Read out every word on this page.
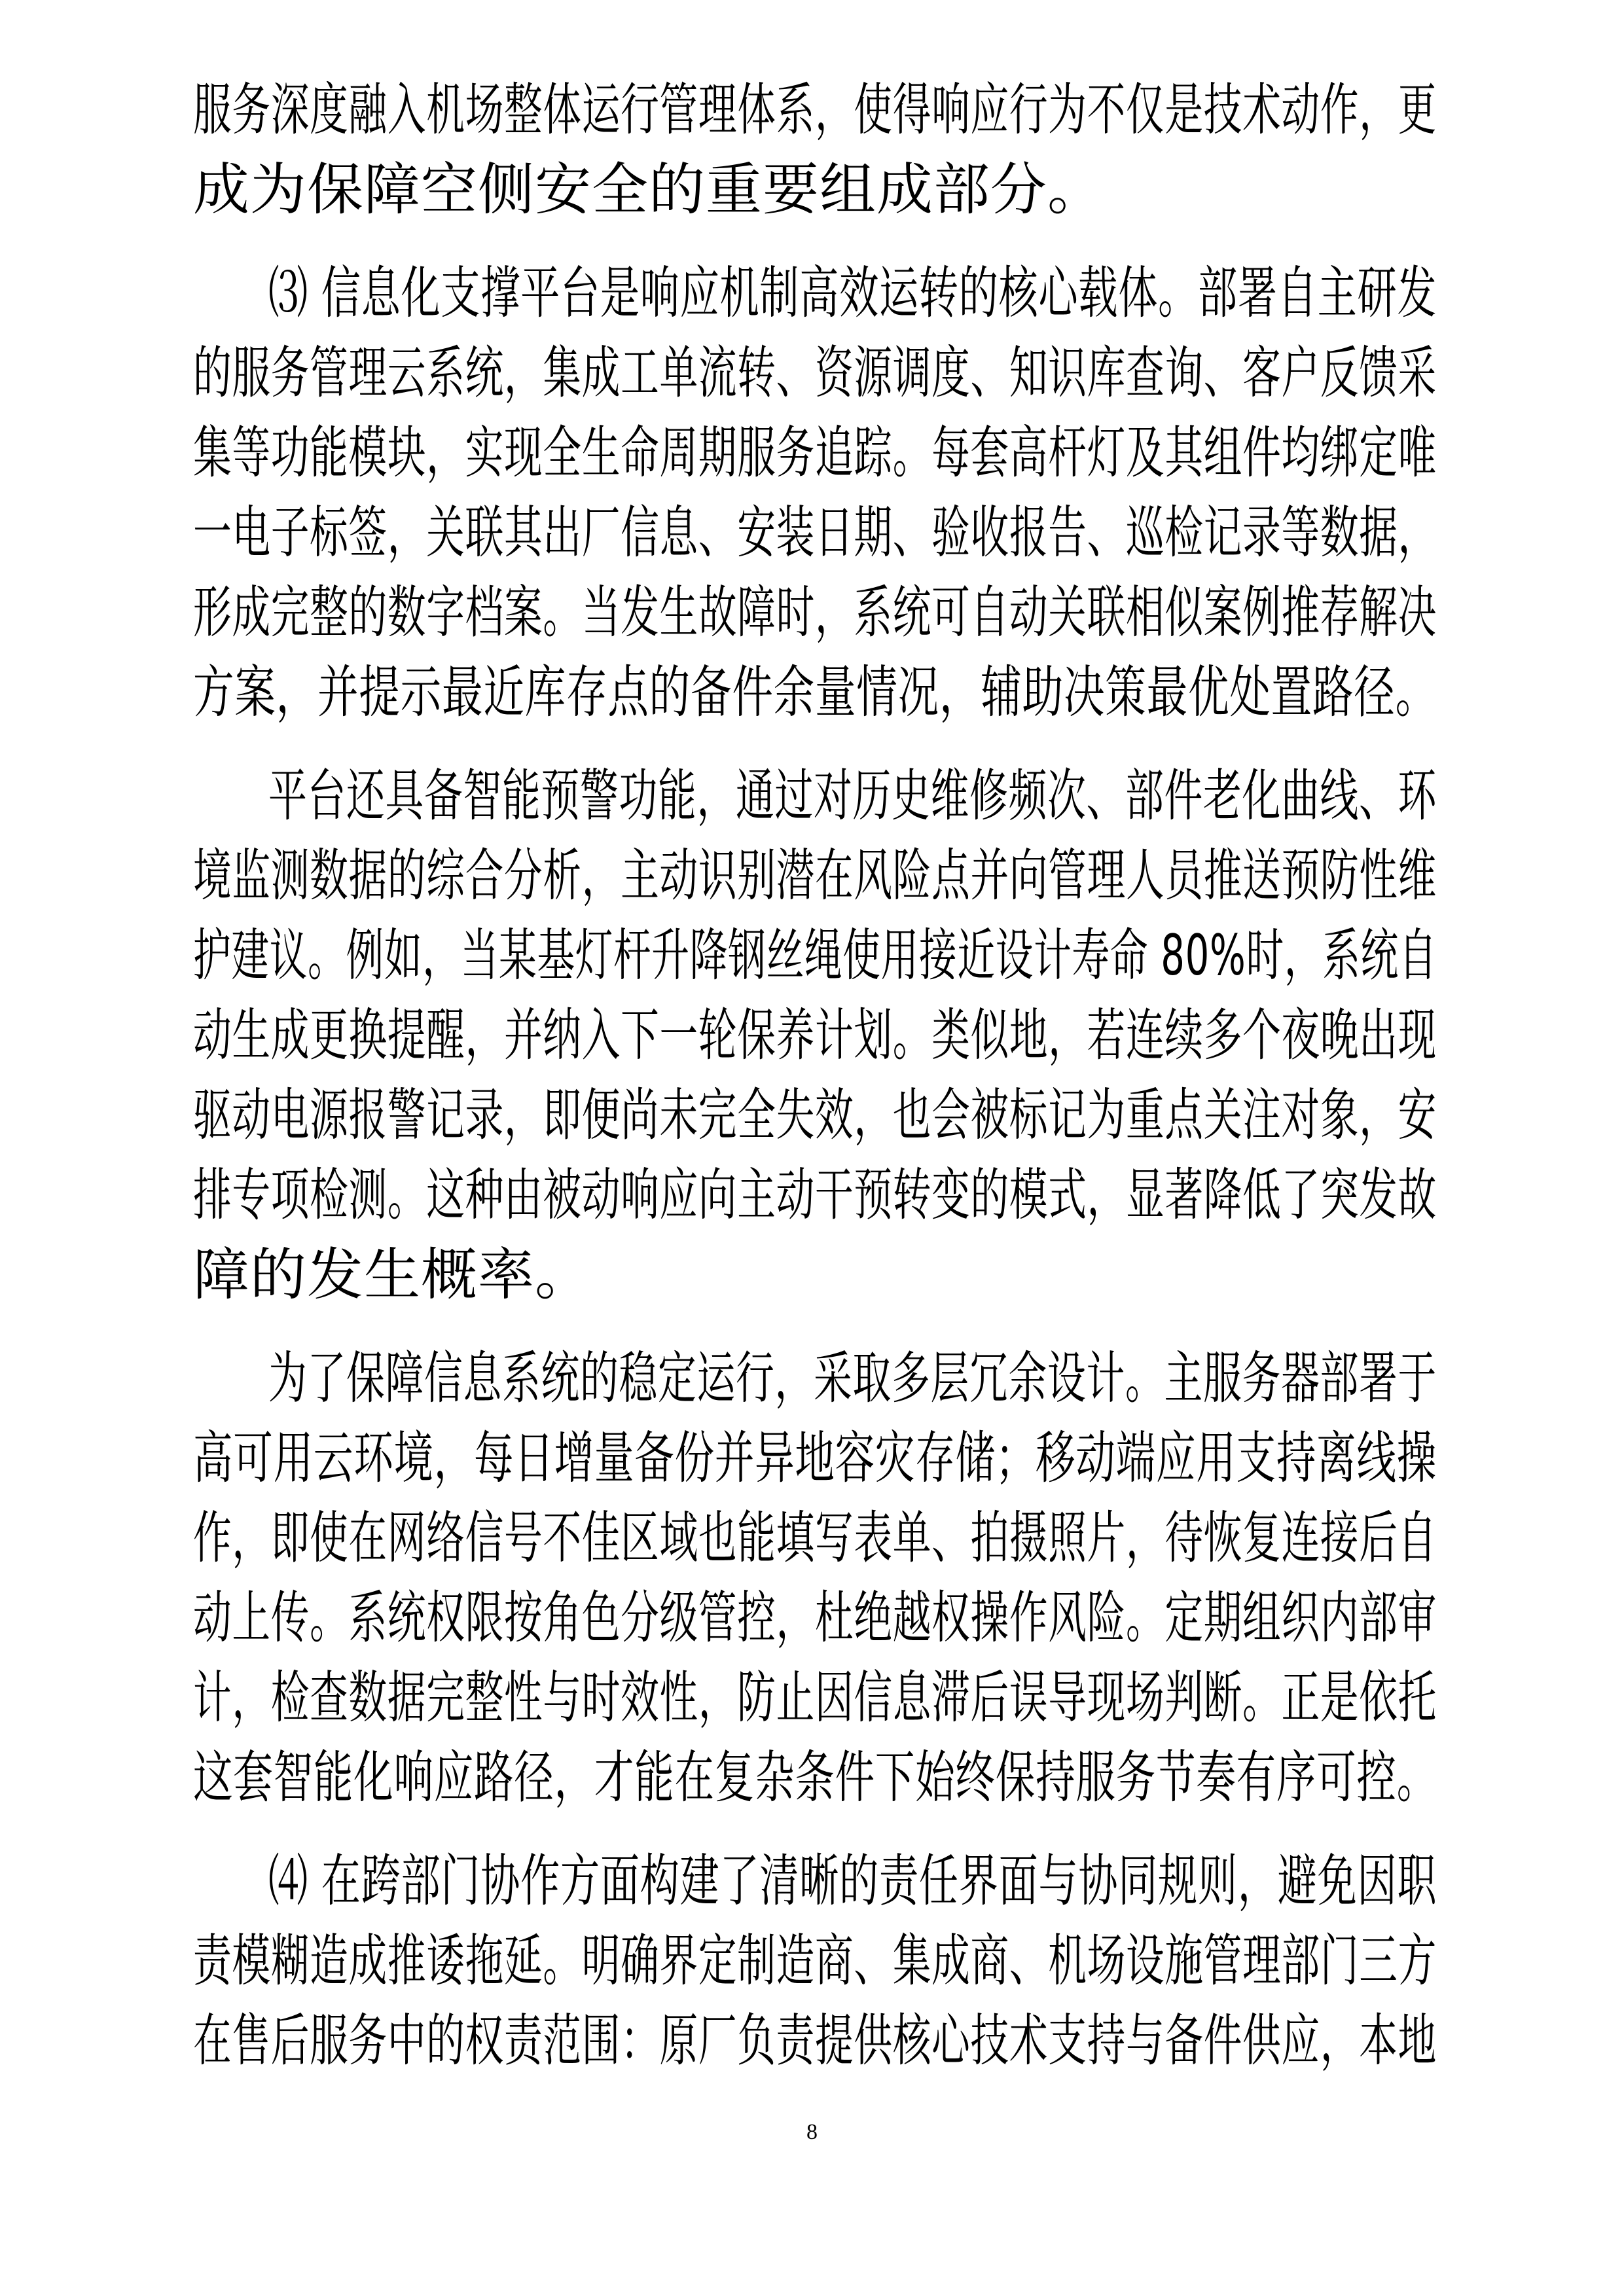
服务深度融入机场整体运行管理体系，使得响应行为不仅是技术动作，更
成为保障空侧安全的重要组成部分。
⑶ 信息化支撑平台是响应机制高效运转的核心载体。部署自主研发
的服务管理云系统，集成工单流转、资源调度、知识库查询、客户反馈采
集等功能模块，实现全生命周期服务追踪。每套高杆灯及其组件均绑定唯
一电子标签，关联其出厂信息、安装日期、验收报告、巡检记录等数据，
形成完整的数字档案。当发生故障时，系统可自动关联相似案例推荐解决
方案，并提示最近库存点的备件余量情况，辅助决策最优处置路径。
平台还具备智能预警功能，通过对历史维修频次、部件老化曲线、环
境监测数据的综合分析，主动识别潜在风险点并向管理人员推送预防性维
护建议。例如，当某基灯杆升降钢丝绳使用接近设计寿命 80%时，系统自
动生成更换提醒，并纳入下一轮保养计划。类似地，若连续多个夜晚出现
驱动电源报警记录，即便尚未完全失效，也会被标记为重点关注对象，安
排专项检测。这种由被动响应向主动干预转变的模式，显著降低了突发故
障的发生概率。
为了保障信息系统的稳定运行，采取多层冗余设计。主服务器部署于
高可用云环境，每日增量备份并异地容灾存储；移动端应用支持离线操
作，即使在网络信号不佳区域也能填写表单、拍摄照片，待恢复连接后自
动上传。系统权限按角色分级管控，杜绝越权操作风险。定期组织内部审
计，检查数据完整性与时效性，防止因信息滞后误导现场判断。正是依托
这套智能化响应路径，才能在复杂条件下始终保持服务节奏有序可控。
⑷ 在跨部门协作方面构建了清晰的责任界面与协同规则，避免因职
责模糊造成推诿拖延。明确界定制造商、集成商、机场设施管理部门三方
在售后服务中的权责范围：原厂负责提供核心技术支持与备件供应，本地
8
